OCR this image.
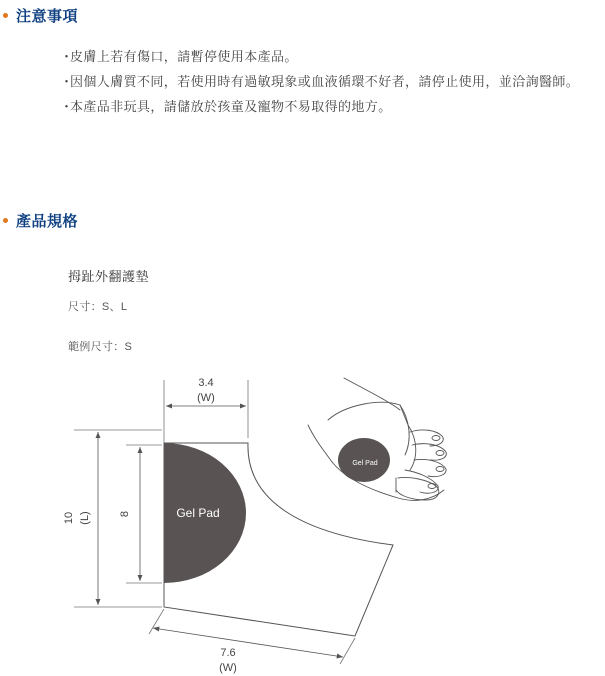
注意事項
・
皮膚上若有傷口，請暫停使用本產品。
・
因個人膚質不同，若使用時有過敏現象或血液循環不好者，請停止使用，並洽詢醫師。
・
本產品非玩具，請儲放於孩童及寵物不易取得的地方。
產品規格
拇趾外翻護墊
尺寸：S、L
範例尺寸：S
Gel Pad
3.4
(W)
10 (L)	8
7.6
(W)
Gel Pad
